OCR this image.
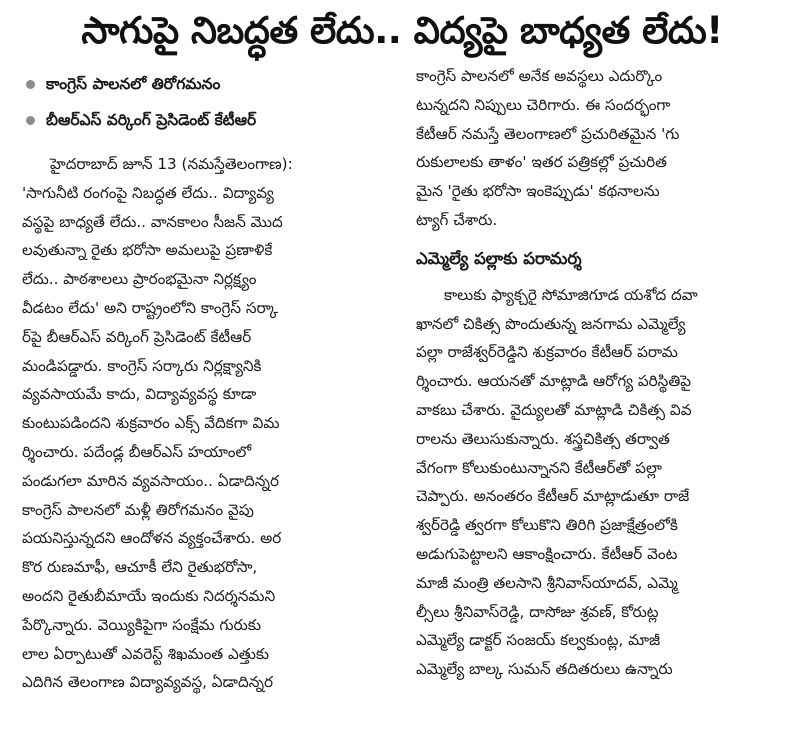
సాగుపై నిబద్ధత లేదు.. విద్యపై బాధ్యత లేదు!
కాంగ్రెస్ పాలనలో తిరోగమనం
బీఆర్‌ఎస్ వర్కింగ్ ప్రెసిడెంట్ కేటీఆర్
హైదరాబాద్ జూన్ 13 (నమస్తేతెలంగాణ):
'సాగునీటి రంగంపై నిబద్ధత లేదు.. విద్యావ్య
వస్థపై బాధ్యతే లేదు.. వానకాలం సీజన్ మొద
లవుతున్నా రైతు భరోసా అమలుపై ప్రణాళికే
లేదు.. పాఠశాలలు ప్రారంభమైనా నిర్లక్ష్యం
వీడటం లేదు' అని రాష్ట్రంలోని కాంగ్రెస్ సర్కా
ర్‌పై బీఆర్‌ఎస్ వర్కింగ్ ప్రెసిడెంట్ కేటీఆర్
మండిపడ్డారు. కాంగ్రెస్ సర్కారు నిర్లక్ష్యానికి
వ్యవసాయమే కాదు, విద్యావ్యవస్థ కూడా
కుంటుపడిందని శుక్రవారం ఎక్స్ వేదికగా విమ
ర్శించారు. పదేండ్ల బీఆర్‌ఎస్ హయాంలో
పండుగలా మారిన వ్యవసాయం.. ఏడాదిన్నర
కాంగ్రెస్ పాలనలో మళ్లీ తిరోగమనం వైపు
పయనిస్తున్నదని ఆందోళన వ్యక్తంచేశారు. అర
కొర రుణమాఫీ, ఆచూకీ లేని రైతుభరోసా,
అందని రైతుబీమాయే ఇందుకు నిదర్శనమని
పేర్కొన్నారు. వెయ్యికిపైగా సంక్షేమ గురుకు
లాల ఏర్పాటుతో ఎవరెస్ట్ శిఖమంత ఎత్తుకు
ఎదిగిన తెలంగాణ విద్యావ్యవస్థ, ఏడాదిన్నర
కాంగ్రెస్ పాలనలో అనేక అవస్థలు ఎదుర్కొం
టున్నదని నిప్పులు చెరిగారు. ఈ సందర్భంగా
కేటీఆర్ నమస్తే తెలంగాణలో ప్రచురితమైన 'గు
రుకులాలకు తాళం' ఇతర పత్రికల్లో ప్రచురిత
మైన 'రైతు భరోసా ఇంకెప్పుడు' కథనాలను
ట్యాగ్ చేశారు.
ఎమ్మెల్యే పల్లాకు పరామర్శ
కాలుకు ఫ్యాక్చరై సోమాజిగూడ యశోద దవా
ఖానలో చికిత్స పొందుతున్న జనగామ ఎమ్మెల్యే
పల్లా రాజేశ్వర్‌రెడ్డిని శుక్రవారం కేటీఆర్ పరామ
ర్శించారు. ఆయనతో మాట్లాడి ఆరోగ్య పరిస్థితిపై
వాకబు చేశారు. వైద్యులతో మాట్లాడి చికిత్స వివ
రాలను తెలుసుకున్నారు. శస్త్రచికిత్స తర్వాత
వేగంగా కోలుకుంటున్నానని కేటీఆర్‌తో పల్లా
చెప్పారు. అనంతరం కేటీఆర్ మాట్లాడుతూ రాజే
శ్వర్‌రెడ్డి త్వరగా కోలుకొని తిరిగి ప్రజాక్షేత్రంలోకి
అడుగుపెట్టాలని ఆకాంక్షించారు. కేటీఆర్ వెంట
మాజీ మంత్రి తలసాని శ్రీనివాస్‌యాదవ్, ఎమ్మె
ల్సీలు శ్రీనివాస్‌రెడ్డి, దాసోజు శ్రవణ్, కోరుట్ల
ఎమ్మెల్యే డాక్టర్ సంజయ్ కల్వకుంట్ల, మాజీ
ఎమ్మెల్యే బాల్క సుమన్ తదితరులు ఉన్నారు
